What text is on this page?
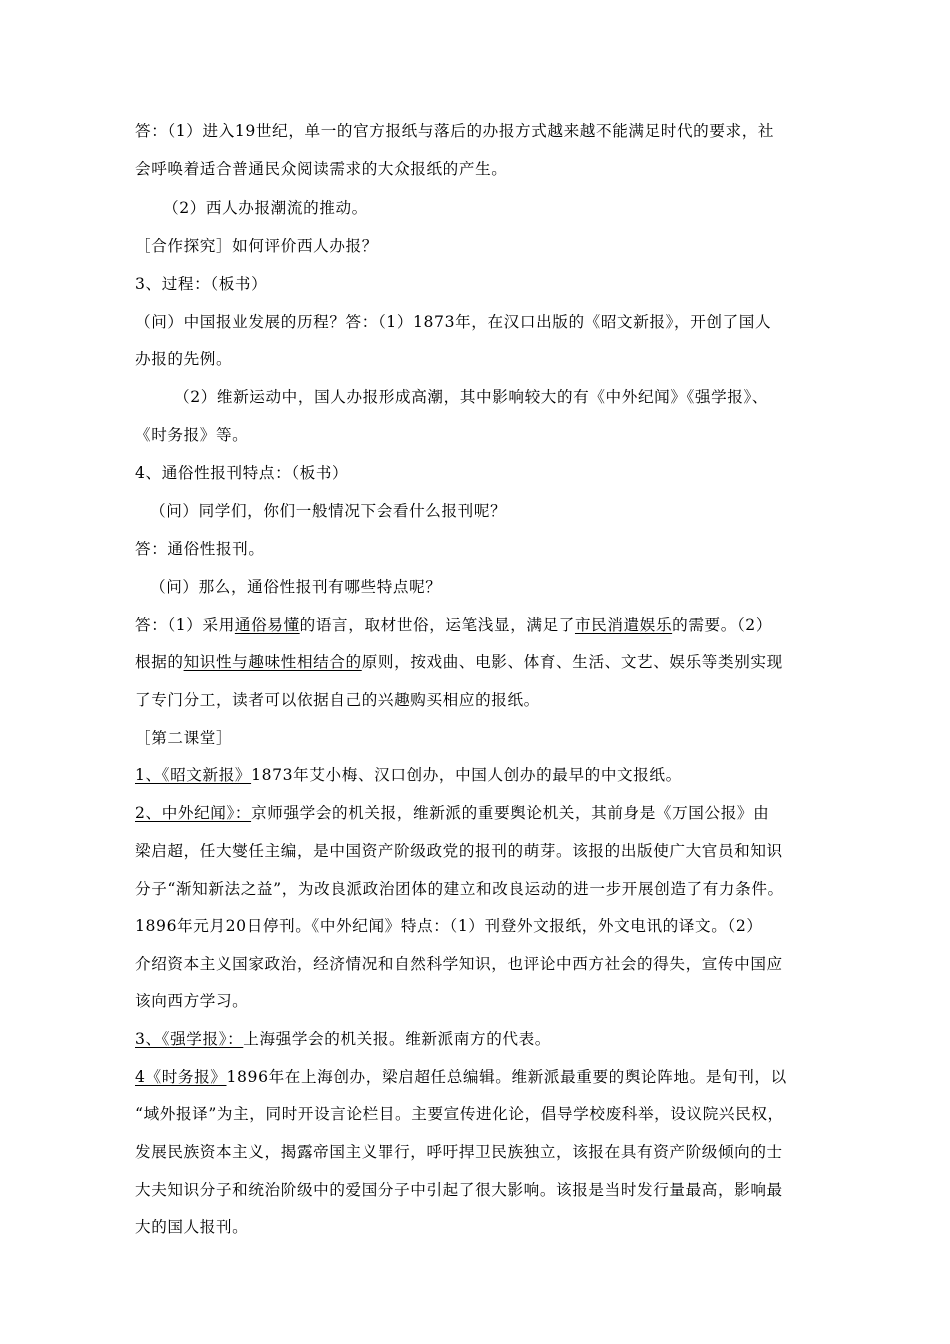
答：（1）进入19世纪，单一的官方报纸与落后的办报方式越来越不能满足时代的要求，社
会呼唤着适合普通民众阅读需求的大众报纸的产生。
（2）西人办报潮流的推动。
［合作探究］如何评价西人办报？
3、过程：（板书）
（问）中国报业发展的历程？答：（1）1873年，在汉口出版的《昭文新报》，开创了国人
办报的先例。
（2）维新运动中，国人办报形成高潮，其中影响较大的有《中外纪闻》《强学报》、
《时务报》等。
4、通俗性报刊特点：（板书）
（问）同学们，你们一般情况下会看什么报刊呢？
答：通俗性报刊。
（问）那么，通俗性报刊有哪些特点呢？
答：（1）采用通俗易懂的语言，取材世俗，运笔浅显，满足了市民消遣娱乐的需要。（2）
根据的知识性与趣味性相结合的原则，按戏曲、电影、体育、生活、文艺、娱乐等类别实现
了专门分工，读者可以依据自己的兴趣购买相应的报纸。
［第二课堂］
1、《昭文新报》1873年艾小梅、汉口创办，中国人创办的最早的中文报纸。
2、中外纪闻》：京师强学会的机关报，维新派的重要舆论机关，其前身是《万国公报》由
梁启超，任大燮任主编，是中国资产阶级政党的报刊的萌芽。该报的出版使广大官员和知识
分子“渐知新法之益”，为改良派政治团体的建立和改良运动的进一步开展创造了有力条件。
1896年元月20日停刊。《中外纪闻》特点：（1）刊登外文报纸，外文电讯的译文。（2）
介绍资本主义国家政治，经济情况和自然科学知识，也评论中西方社会的得失，宣传中国应
该向西方学习。
3、《强学报》：上海强学会的机关报。维新派南方的代表。
4《时务报》1896年在上海创办，梁启超任总编辑。维新派最重要的舆论阵地。是旬刊，以
“域外报译”为主，同时开设言论栏目。主要宣传进化论，倡导学校废科举，设议院兴民权，
发展民族资本主义，揭露帝国主义罪行，呼吁捍卫民族独立，该报在具有资产阶级倾向的士
大夫知识分子和统治阶级中的爱国分子中引起了很大影响。该报是当时发行量最高，影响最
大的国人报刊。
